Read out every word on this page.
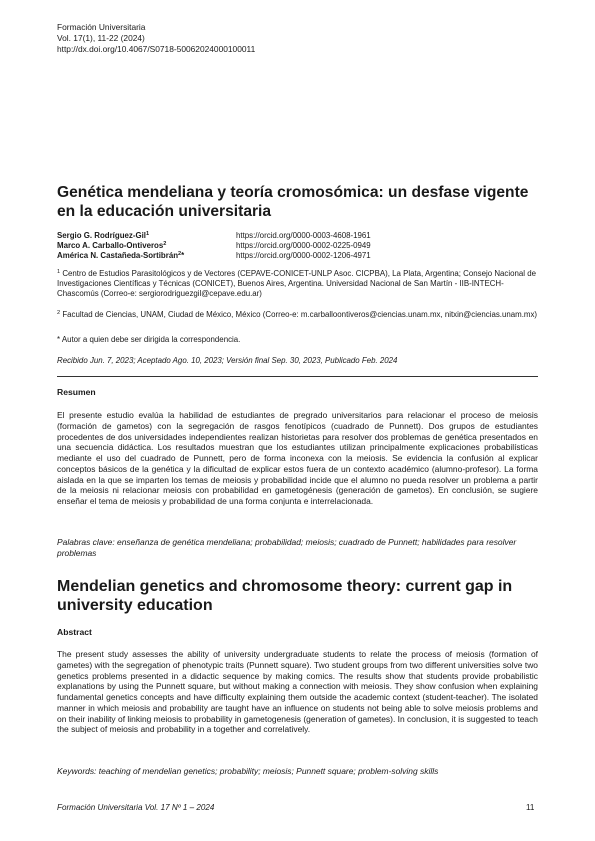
Formación Universitaria
Vol. 17(1), 11-22 (2024)
http://dx.doi.org/10.4067/S0718-50062024000100011
Genética mendeliana y teoría cromosómica: un desfase vigente en la educación universitaria
Sergio G. Rodríguez-Gil$^1$	https://orcid.org/0000-0003-4608-1961
Marco A. Carballo-Ontiveros$^2$	https://orcid.org/0000-0002-0225-0949
América N. Castañeda-Sortibrán$^2$*	https://orcid.org/0000-0002-1206-4971
$^1$ Centro de Estudios Parasitológicos y de Vectores (CEPAVE-CONICET-UNLP Asoc. CICPBA), La Plata, Argentina; Consejo Nacional de Investigaciones Científicas y Técnicas (CONICET), Buenos Aires, Argentina. Universidad Nacional de San Martín - IIB-INTECH-Chascomús (Correo-e: sergiorodriguezgil@cepave.edu.ar)
$^2$ Facultad de Ciencias, UNAM, Ciudad de México, México (Correo-e: m.carballoontiveros@ciencias.unam.mx, nitxin@ciencias.unam.mx)
* Autor a quien debe ser dirigida la correspondencia.
Recibido Jun. 7, 2023; Aceptado Ago. 10, 2023; Versión final Sep. 30, 2023, Publicado Feb. 2024
Resumen
El presente estudio evalúa la habilidad de estudiantes de pregrado universitarios para relacionar el proceso de meiosis (formación de gametos) con la segregación de rasgos fenotípicos (cuadrado de Punnett). Dos grupos de estudiantes procedentes de dos universidades independientes realizan historietas para resolver dos problemas de genética presentados en una secuencia didáctica. Los resultados muestran que los estudiantes utilizan principalmente explicaciones probabilísticas mediante el uso del cuadrado de Punnett, pero de forma inconexa con la meiosis. Se evidencia la confusión al explicar conceptos básicos de la genética y la dificultad de explicar estos fuera de un contexto académico (alumno-profesor). La forma aislada en la que se imparten los temas de meiosis y probabilidad incide que el alumno no pueda resolver un problema a partir de la meiosis ni relacionar meiosis con probabilidad en gametogénesis (generación de gametos). En conclusión, se sugiere enseñar el tema de meiosis y probabilidad de una forma conjunta e interrelacionada.
Palabras clave: enseñanza de genética mendeliana; probabilidad; meiosis; cuadrado de Punnett; habilidades para resolver problemas
Mendelian genetics and chromosome theory: current gap in university education
Abstract
The present study assesses the ability of university undergraduate students to relate the process of meiosis (formation of gametes) with the segregation of phenotypic traits (Punnett square). Two student groups from two different universities solve two genetics problems presented in a didactic sequence by making comics. The results show that students provide probabilistic explanations by using the Punnett square, but without making a connection with meiosis. They show confusion when explaining fundamental genetics concepts and have difficulty explaining them outside the academic context (student-teacher). The isolated manner in which meiosis and probability are taught have an influence on students not being able to solve meiosis problems and on their inability of linking meiosis to probability in gametogenesis (generation of gametes). In conclusion, it is suggested to teach the subject of meiosis and probability in a together and correlatively.
Keywords: teaching of mendelian genetics; probability; meiosis; Punnett square; problem-solving skills
Formación Universitaria Vol. 17 Nº 1 – 2024	11
